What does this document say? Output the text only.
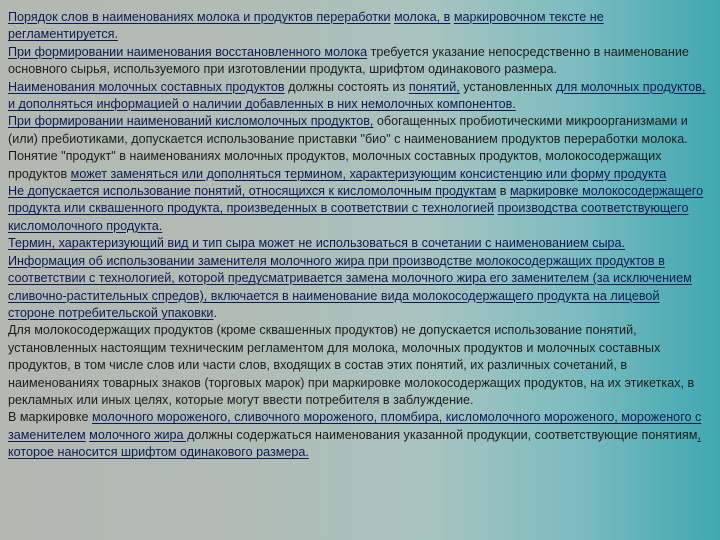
Порядок слов в наименованиях молока и продуктов переработки молока, в маркировочном тексте не регламентируется.

При формировании наименования восстановленного молока требуется указание непосредственно в наименование основного сырья, используемого при изготовлении продукта, шрифтом одинакового размера.

Наименования молочных составных продуктов должны состоять из понятий, установленных для молочных продуктов, и дополняться информацией о наличии добавленных в них немолочных компонентов.

При формировании наименований кисломолочных продуктов, обогащенных пробиотическими микроорганизмами и (или) пребиотиками, допускается использование приставки "био" с наименованием продуктов переработки молока.

Понятие "продукт" в наименованиях молочных продуктов, молочных составных продуктов, молокосодержащих продуктов может заменяться или дополняться термином, характеризующим консистенцию или форму продукта

Не допускается использование понятий, относящихся к кисломолочным продуктам в маркировке молокосодержащего продукта или сквашенного продукта, произведенных в соответствии с технологией производства соответствующего кисломолочного продукта.

Термин, характеризующий вид и тип сыра может не использоваться в сочетании с наименованием сыра.

Информация об использовании заменителя молочного жира при производстве молокосодержащих продуктов в соответствии с технологией, которой предусматривается замена молочного жира его заменителем (за исключением сливочно-растительных спредов), включается в наименование вида молокосодержащего продукта на лицевой стороне потребительской упаковки.

Для молокосодержащих продуктов (кроме сквашенных продуктов) не допускается использование понятий, установленных настоящим техническим регламентом для молока, молочных продуктов и молочных составных продуктов, в том числе слов или части слов, входящих в состав этих понятий, их различных сочетаний, в наименованиях товарных знаков (торговых марок) при маркировке молокосодержащих продуктов, на их этикетках, в рекламных или иных целях, которые могут ввести потребителя в заблуждение.

В маркировке молочного мороженого, сливочного мороженого, пломбира, кисломолочного мороженого, мороженого с заменителем молочного жира должны содержаться наименования указанной продукции, соответствующие понятиям, которое наносится шрифтом одинакового размера.
